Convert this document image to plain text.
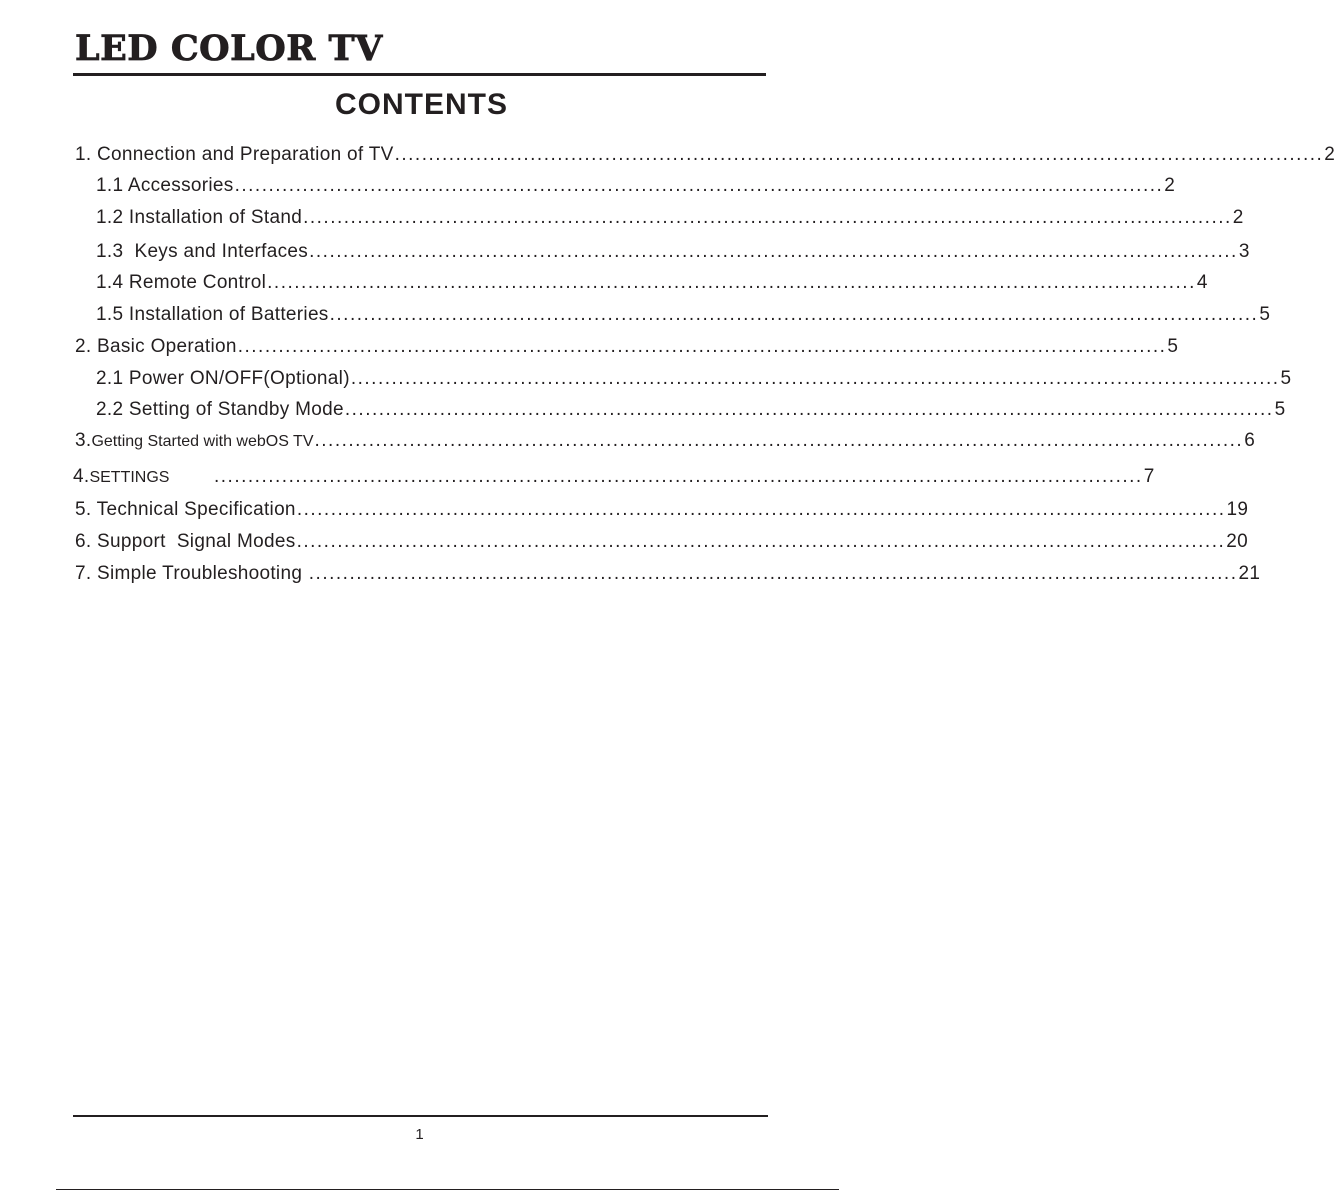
LED COLOR TV
CONTENTS
1. Connection and Preparation of TV ......................................................................................................................................... 2
1.1 Accessories ......................................................................................................................................... 2
1.2 Installation of Stand ......................................................................................................................................... 2
1.3  Keys and Interfaces ......................................................................................................................................... 3
1.4 Remote Control ......................................................................................................................................... 4
1.5 Installation of Batteries ......................................................................................................................................... 5
2. Basic Operation ......................................................................................................................................... 5
2.1 Power ON/OFF(Optional) ......................................................................................................................................... 5
2.2 Setting of Standby Mode ......................................................................................................................................... 5
3.Getting Started with webOS TV ......................................................................................................................................... 6
4.SETTINGS	......................................................................................................................................... 7
5. Technical Specification ......................................................................................................................................... 19
6. Support  Signal Modes ......................................................................................................................................... 20
7. Simple Troubleshooting ......................................................................................................................................... 21
1
